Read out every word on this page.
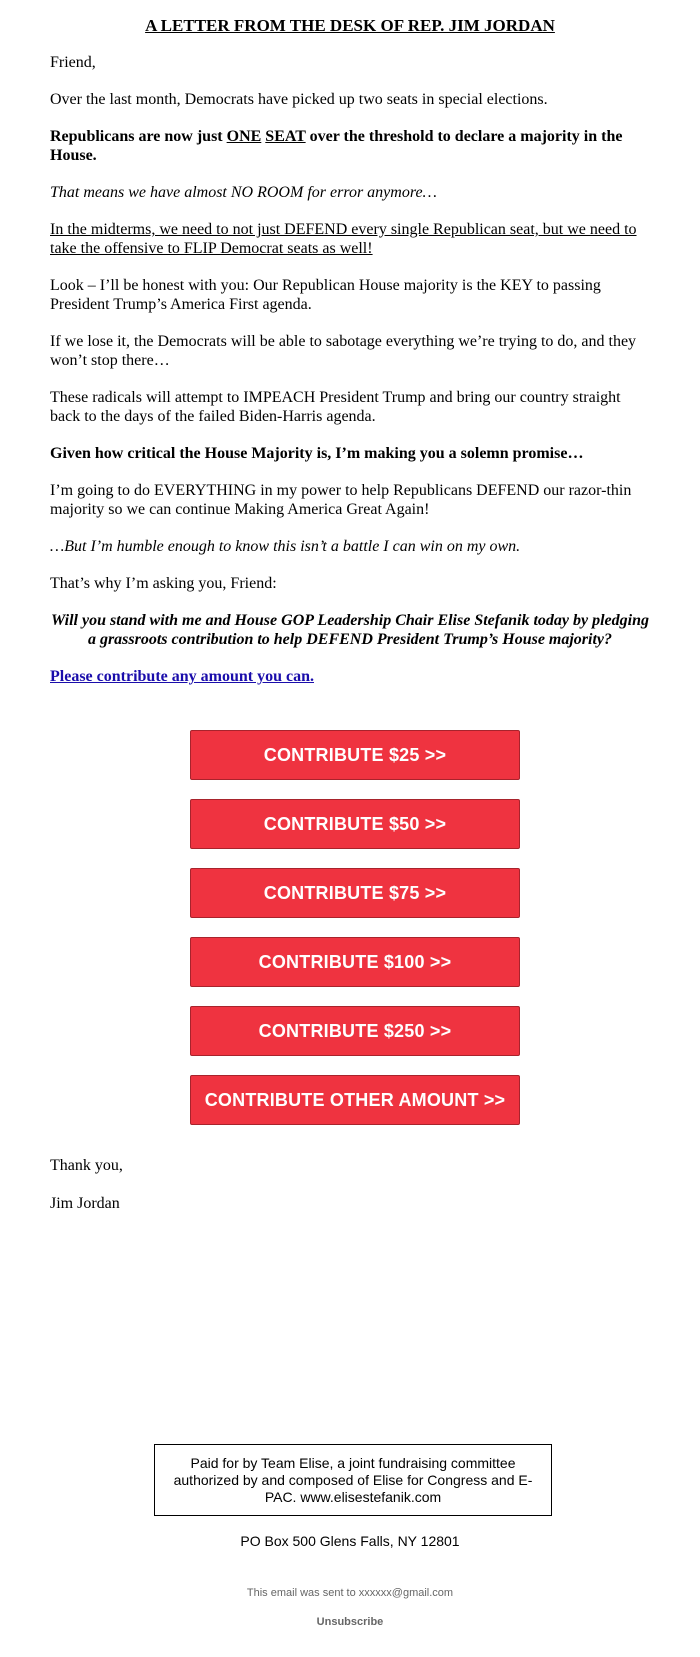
A LETTER FROM THE DESK OF REP. JIM JORDAN
Friend,
Over the last month, Democrats have picked up two seats in special elections.
Republicans are now just ONE SEAT over the threshold to declare a majority in the House.
That means we have almost NO ROOM for error anymore…
In the midterms, we need to not just DEFEND every single Republican seat, but we need to take the offensive to FLIP Democrat seats as well!
Look – I’ll be honest with you: Our Republican House majority is the KEY to passing President Trump’s America First agenda.
If we lose it, the Democrats will be able to sabotage everything we’re trying to do, and they won’t stop there…
These radicals will attempt to IMPEACH President Trump and bring our country straight back to the days of the failed Biden-Harris agenda.
Given how critical the House Majority is, I’m making you a solemn promise…
I’m going to do EVERYTHING in my power to help Republicans DEFEND our razor-thin majority so we can continue Making America Great Again!
…But I’m humble enough to know this isn’t a battle I can win on my own.
That’s why I’m asking you, Friend:
Will you stand with me and House GOP Leadership Chair Elise Stefanik today by pledging a grassroots contribution to help DEFEND President Trump’s House majority?
Please contribute any amount you can.
CONTRIBUTE $25 >>
CONTRIBUTE $50 >>
CONTRIBUTE $75 >>
CONTRIBUTE $100 >>
CONTRIBUTE $250 >>
CONTRIBUTE OTHER AMOUNT >>
Thank you,
Jim Jordan
Paid for by Team Elise, a joint fundraising committee authorized by and composed of Elise for Congress and E-PAC. www.elisestefanik.com
PO Box 500 Glens Falls, NY 12801
This email was sent to xxxxxx@gmail.com
Unsubscribe
